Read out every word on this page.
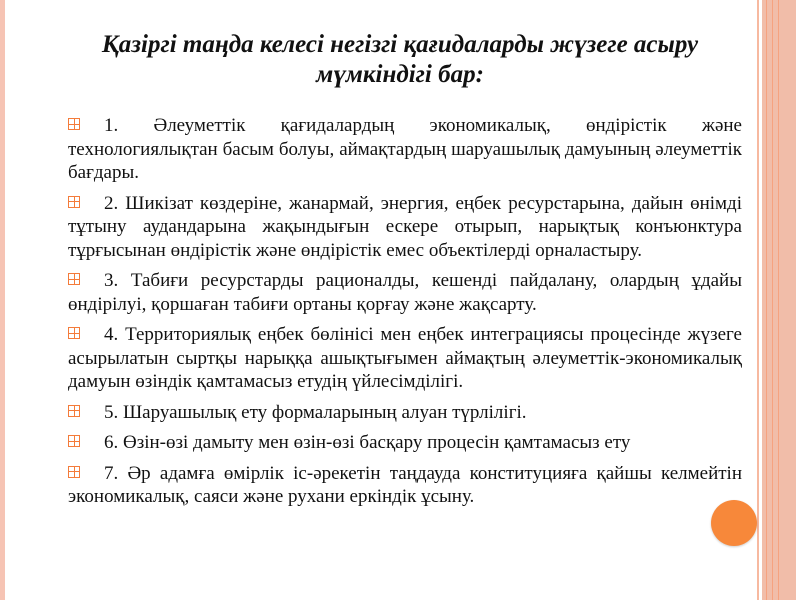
Қазіргі таңда келесі негізгі қағидаларды жүзеге асыру мүмкіндігі бар:
1. Әлеуметтік қағидалардың экономикалық, өндірістік және технологиялықтан басым болуы, аймақтардың шаруашылық дамуының әлеуметтік бағдары.
2. Шикізат көздеріне, жанармай, энергия, еңбек ресурстарына, дайын өнімді тұтыну аудандарына жақындығын ескере отырып, нарықтық конъюнктура тұрғысынан өндірістік және өндірістік емес объектілерді орналастыру.
3. Табиғи ресурстарды рационалды, кешенді пайдалану, олардың ұдайы өндірілуі, қоршаған табиғи ортаны қорғау және жақсарту.
4. Территориялық еңбек бөлінісі мен еңбек интеграциясы процесінде жүзеге асырылатын сыртқы нарыққа ашықтығымен аймақтың әлеуметтік-экономикалық дамуын өзіндік қамтамасыз етудің үйлесімділігі.
5. Шаруашылық ету формаларының алуан түрлілігі.
6. Өзін-өзі дамыту мен өзін-өзі басқару процесін қамтамасыз ету
7. Әр адамға өмірлік іс-әрекетін таңдауда конституцияға қайшы келмейтін экономикалық, саяси және рухани еркіндік ұсыну.
